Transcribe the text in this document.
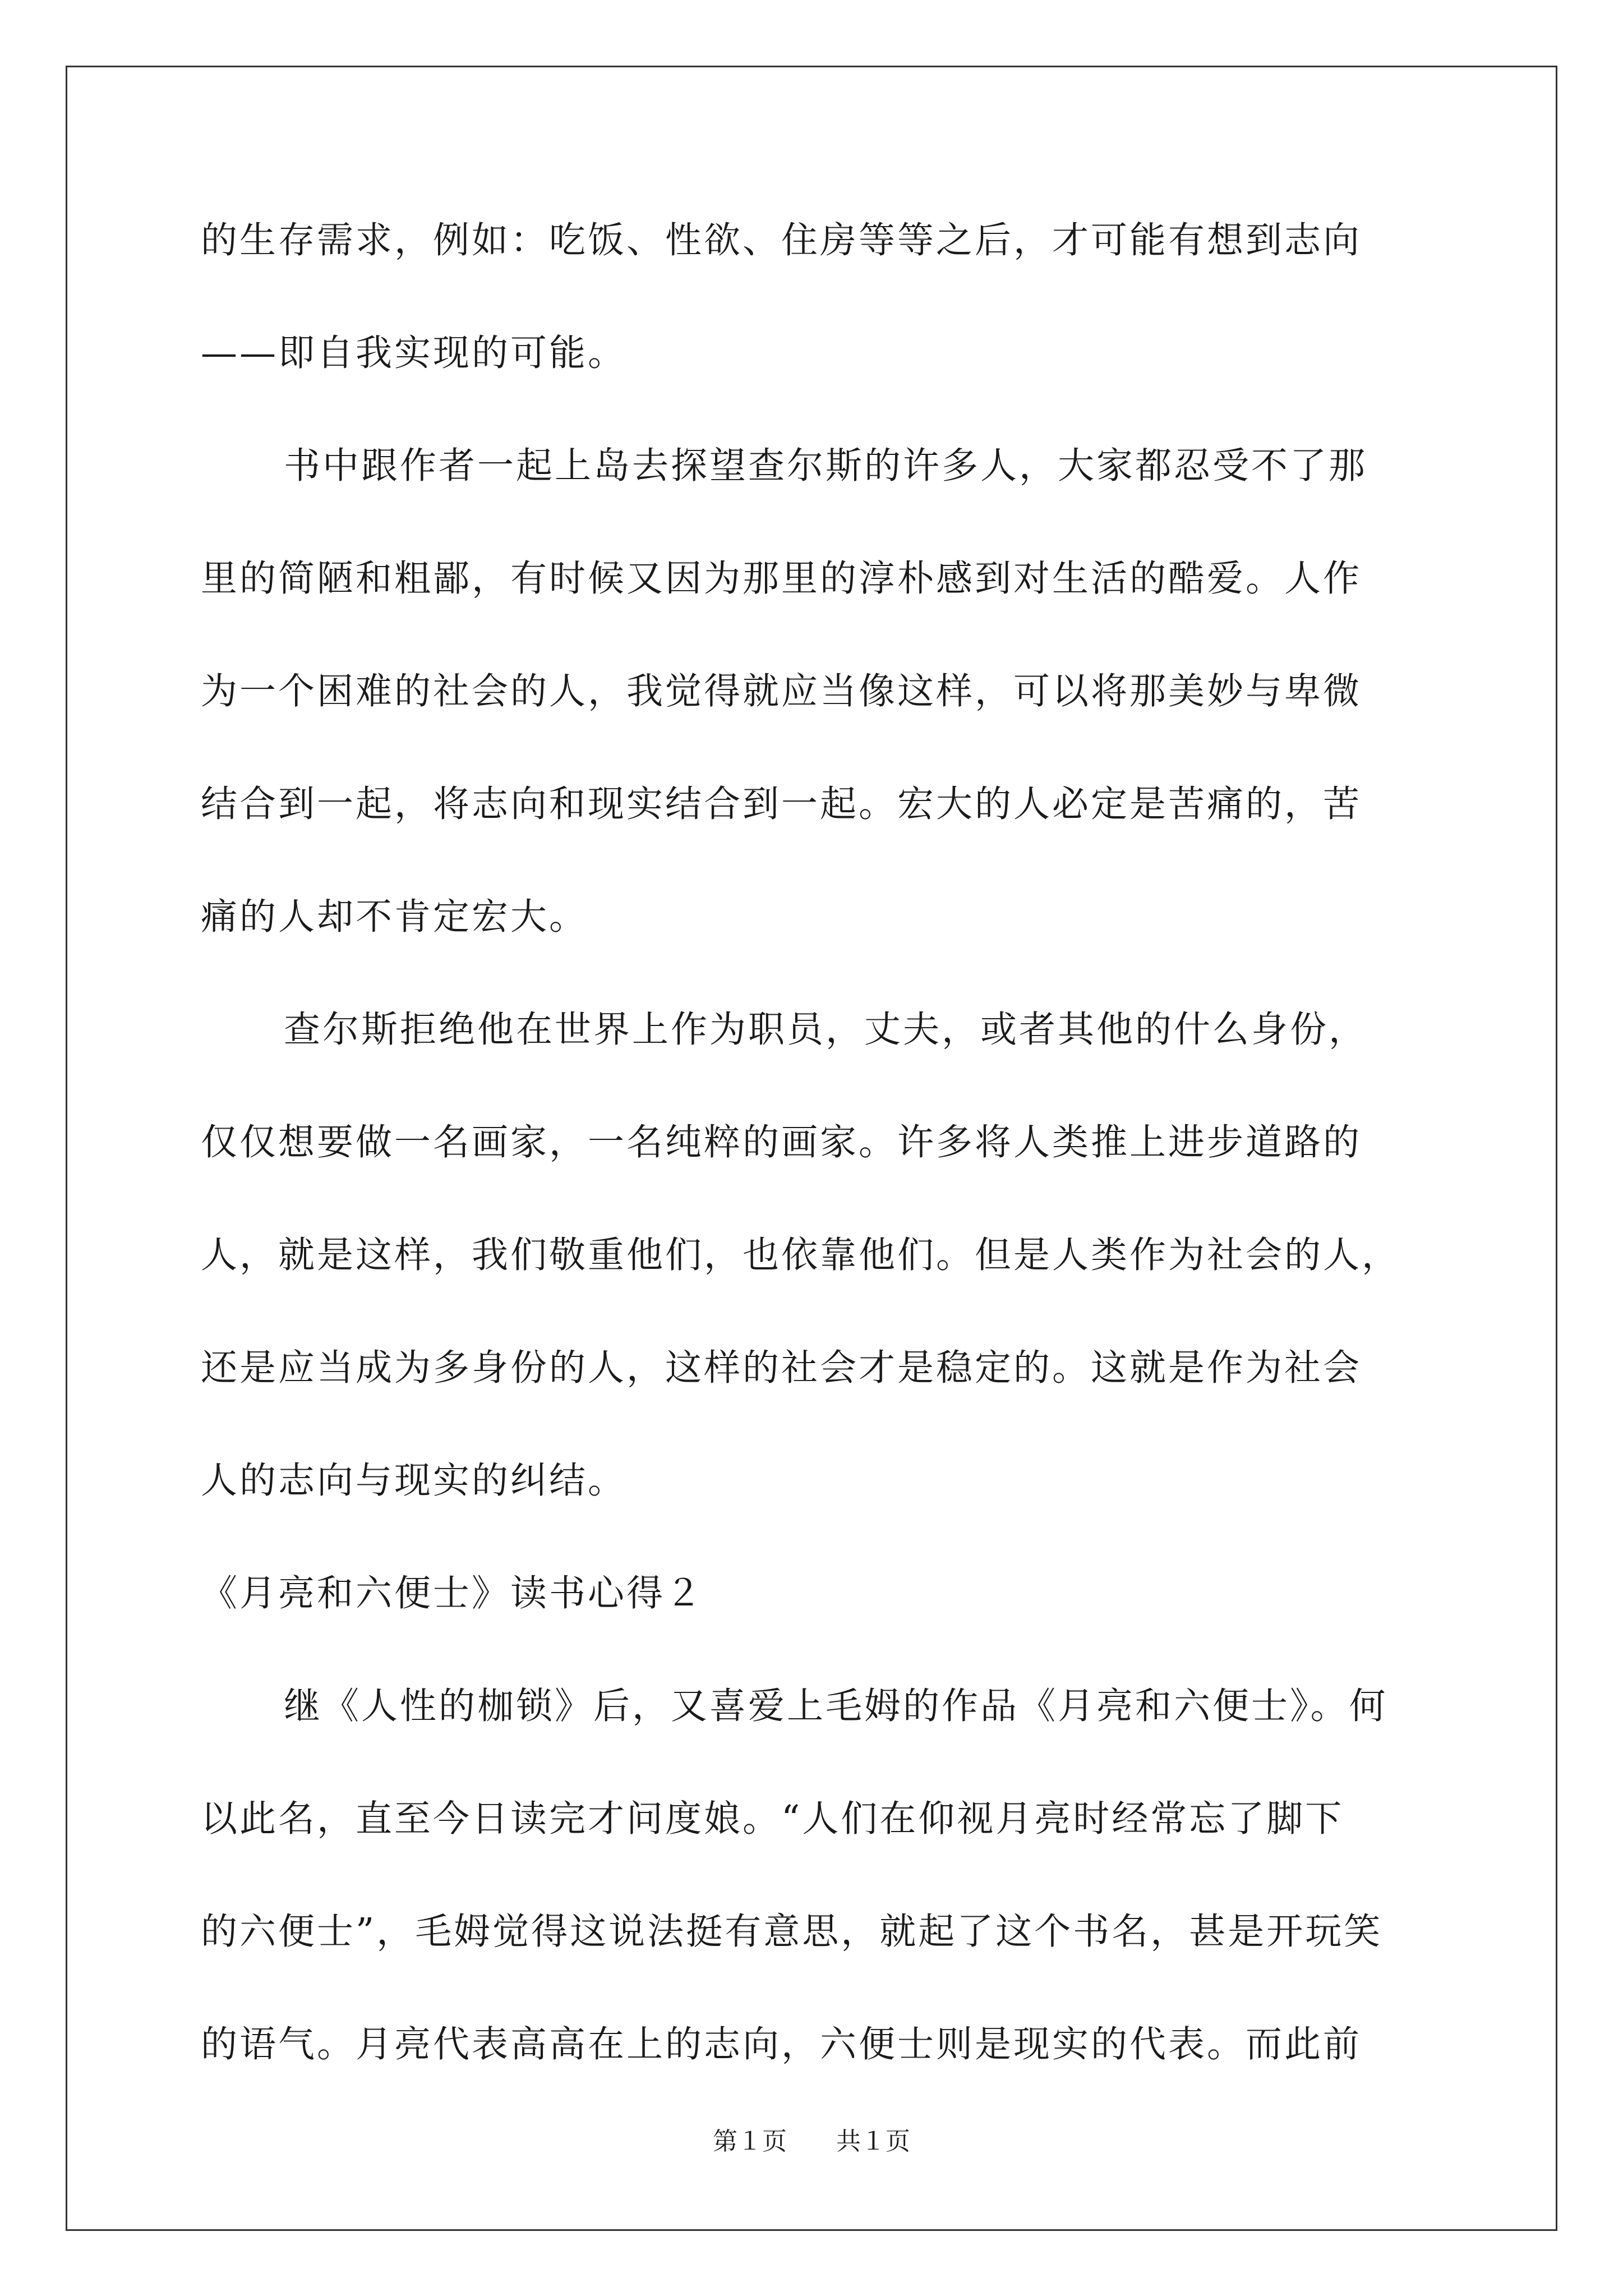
的生存需求，例如：吃饭、性欲、住房等等之后，才可能有想到志向
——即自我实现的可能。
书中跟作者一起上岛去探望查尔斯的许多人，大家都忍受不了那
里的简陋和粗鄙，有时候又因为那里的淳朴感到对生活的酷爱。人作
为一个困难的社会的人，我觉得就应当像这样，可以将那美妙与卑微
结合到一起，将志向和现实结合到一起。宏大的人必定是苦痛的，苦
痛的人却不肯定宏大。
查尔斯拒绝他在世界上作为职员，丈夫，或者其他的什么身份，
仅仅想要做一名画家，一名纯粹的画家。许多将人类推上进步道路的
人，就是这样，我们敬重他们，也依靠他们。但是人类作为社会的人，
还是应当成为多身份的人，这样的社会才是稳定的。这就是作为社会
人的志向与现实的纠结。
《月亮和六便士》读书心得２
继《人性的枷锁》后，又喜爱上毛姆的作品《月亮和六便士》。何
以此名，直至今日读完才问度娘。“人们在仰视月亮时经常忘了脚下
的六便士”，毛姆觉得这说法挺有意思，就起了这个书名，甚是开玩笑
的语气。月亮代表高高在上的志向，六便士则是现实的代表。而此前
第１页 共１页
